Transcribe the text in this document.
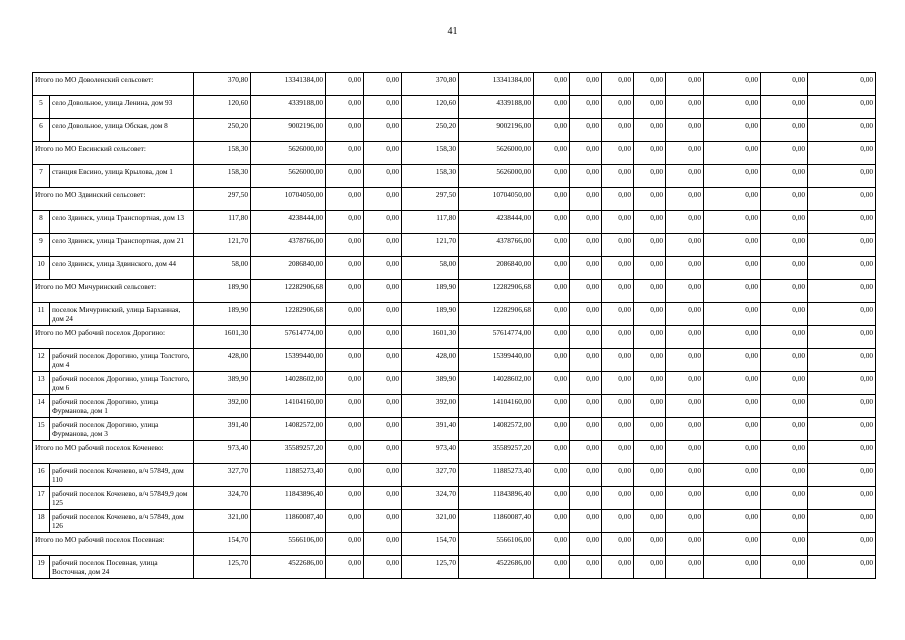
41
Итого по МО Доволенский сельсовет:		370,80	13341384,00	0,00	0,00	370,80	13341384,00	0,00	0,00	0,00	0,00	0,00	0,00	0,00	0,00
5	село Довольное, улица Ленина, дом 93	120,60	4339188,00	0,00	0,00	120,60	4339188,00	0,00	0,00	0,00	0,00	0,00	0,00	0,00	0,00
6	село Довольное, улица Обская, дом 8	250,20	9002196,00	0,00	0,00	250,20	9002196,00	0,00	0,00	0,00	0,00	0,00	0,00	0,00	0,00
Итого по МО Евсинский сельсовет:		158,30	5626000,00	0,00	0,00	158,30	5626000,00	0,00	0,00	0,00	0,00	0,00	0,00	0,00	0,00
7	станция Евсино, улица Крылова, дом 1	158,30	5626000,00	0,00	0,00	158,30	5626000,00	0,00	0,00	0,00	0,00	0,00	0,00	0,00	0,00
Итого по МО Здвинский сельсовет:		297,50	10704050,00	0,00	0,00	297,50	10704050,00	0,00	0,00	0,00	0,00	0,00	0,00	0,00	0,00
8	село Здвинск, улица Транспортная, дом 13	117,80	4238444,00	0,00	0,00	117,80	4238444,00	0,00	0,00	0,00	0,00	0,00	0,00	0,00	0,00
9	село Здвинск, улица Транспортная, дом 21	121,70	4378766,00	0,00	0,00	121,70	4378766,00	0,00	0,00	0,00	0,00	0,00	0,00	0,00	0,00
10	село Здвинск, улица Здвинского, дом 44	58,00	2086840,00	0,00	0,00	58,00	2086840,00	0,00	0,00	0,00	0,00	0,00	0,00	0,00	0,00
Итого по МО Мичуринский сельсовет:		189,90	12282906,68	0,00	0,00	189,90	12282906,68	0,00	0,00	0,00	0,00	0,00	0,00	0,00	0,00
11	поселок Мичуринский, улица Барханная, дом 24	189,90	12282906,68	0,00	0,00	189,90	12282906,68	0,00	0,00	0,00	0,00	0,00	0,00	0,00	0,00
Итого по МО рабочий поселок Дорогино:		1601,30	57614774,00	0,00	0,00	1601,30	57614774,00	0,00	0,00	0,00	0,00	0,00	0,00	0,00	0,00
12	рабочий поселок Дорогино, улица Толстого, дом 4	428,00	15399440,00	0,00	0,00	428,00	15399440,00	0,00	0,00	0,00	0,00	0,00	0,00	0,00	0,00
13	рабочий поселок Дорогино, улица Толстого, дом 6	389,90	14028602,00	0,00	0,00	389,90	14028602,00	0,00	0,00	0,00	0,00	0,00	0,00	0,00	0,00
14	рабочий поселок Дорогино, улица Фурманова, дом 1	392,00	14104160,00	0,00	0,00	392,00	14104160,00	0,00	0,00	0,00	0,00	0,00	0,00	0,00	0,00
15	рабочий поселок Дорогино, улица Фурманова, дом 3	391,40	14082572,00	0,00	0,00	391,40	14082572,00	0,00	0,00	0,00	0,00	0,00	0,00	0,00	0,00
Итого по МО рабочий поселок Коченево:		973,40	35589257,20	0,00	0,00	973,40	35589257,20	0,00	0,00	0,00	0,00	0,00	0,00	0,00	0,00
16	рабочий поселок Коченево, в/ч 57849, дом 110	327,70	11885273,40	0,00	0,00	327,70	11885273,40	0,00	0,00	0,00	0,00	0,00	0,00	0,00	0,00
17	рабочий поселок Коченево, в/ч 57849,9 дом 125	324,70	11843896,40	0,00	0,00	324,70	11843896,40	0,00	0,00	0,00	0,00	0,00	0,00	0,00	0,00
18	рабочий поселок Коченево, в/ч 57849, дом 126	321,00	11860087,40	0,00	0,00	321,00	11860087,40	0,00	0,00	0,00	0,00	0,00	0,00	0,00	0,00
Итого по МО рабочий поселок Посевная:		154,70	5566106,00	0,00	0,00	154,70	5566106,00	0,00	0,00	0,00	0,00	0,00	0,00	0,00	0,00
19	рабочий поселок Посевная, улица Восточная, дом 24	125,70	4522686,00	0,00	0,00	125,70	4522686,00	0,00	0,00	0,00	0,00	0,00	0,00	0,00	0,00
